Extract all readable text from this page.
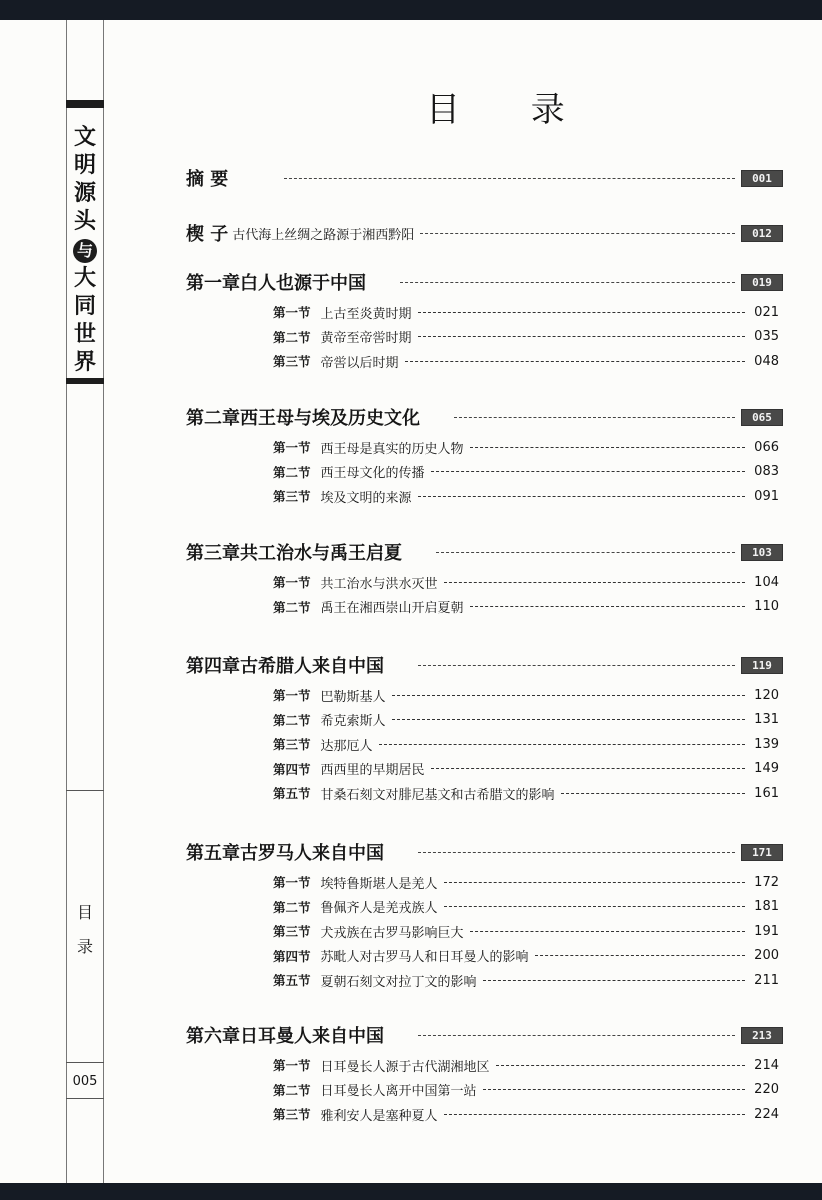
文
明
源
头
与
大
同
世
界
目
录
005
目 录
摘 要	001
楔 子 古代海上丝绸之路源于湘西黔阳	012
第一章 白人也源于中国	019
第一节 上古至炎黄时期	021
第二节 黄帝至帝喾时期	035
第三节 帝喾以后时期	048
第二章 西王母与埃及历史文化	065
第一节 西王母是真实的历史人物	066
第二节 西王母文化的传播	083
第三节 埃及文明的来源	091
第三章 共工治水与禹王启夏	103
第一节 共工治水与洪水灭世	104
第二节 禹王在湘西崇山开启夏朝	110
第四章 古希腊人来自中国	119
第一节 巴勒斯基人	120
第二节 希克索斯人	131
第三节 达那厄人	139
第四节 西西里的早期居民	149
第五节 甘桑石刻文对腓尼基文和古希腊文的影响	161
第五章 古罗马人来自中国	171
第一节 埃特鲁斯堪人是羌人	172
第二节 鲁佩齐人是羌戎族人	181
第三节 犬戎族在古罗马影响巨大	191
第四节 苏毗人对古罗马人和日耳曼人的影响	200
第五节 夏朝石刻文对拉丁文的影响	211
第六章 日耳曼人来自中国	213
第一节 日耳曼长人源于古代湖湘地区	214
第二节 日耳曼长人离开中国第一站	220
第三节 雅利安人是塞种夏人	224
